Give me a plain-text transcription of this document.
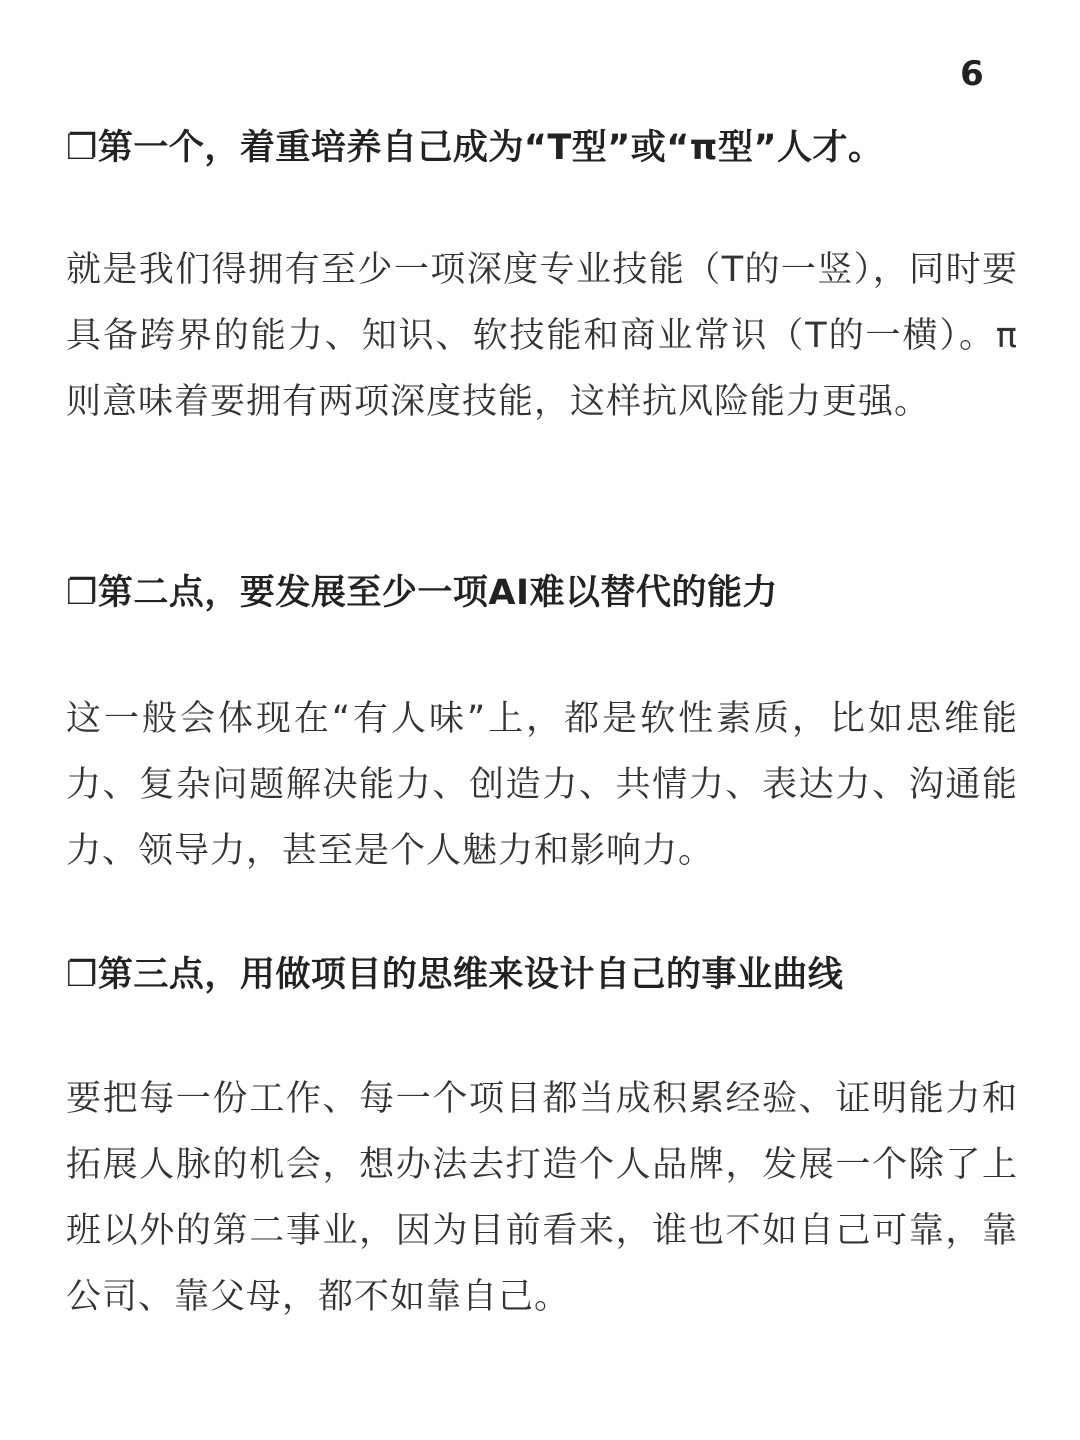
6
❐第一个，着重培养自己成为“T型”或“π型”人才。
就是我们得拥有至少一项深度专业技能（T的一竖），同时要具备跨界的能力、知识、软技能和商业常识（T的一横）。π则意味着要拥有两项深度技能，这样抗风险能力更强。
❐第二点，要发展至少一项AI难以替代的能力
这一般会体现在“有人味”上，都是软性素质，比如思维能力、复杂问题解决能力、创造力、共情力、表达力、沟通能力、领导力，甚至是个人魅力和影响力。
❐第三点，用做项目的思维来设计自己的事业曲线
要把每一份工作、每一个项目都当成积累经验、证明能力和拓展人脉的机会，想办法去打造个人品牌，发展一个除了上班以外的第二事业，因为目前看来，谁也不如自己可靠，靠公司、靠父母，都不如靠自己。
